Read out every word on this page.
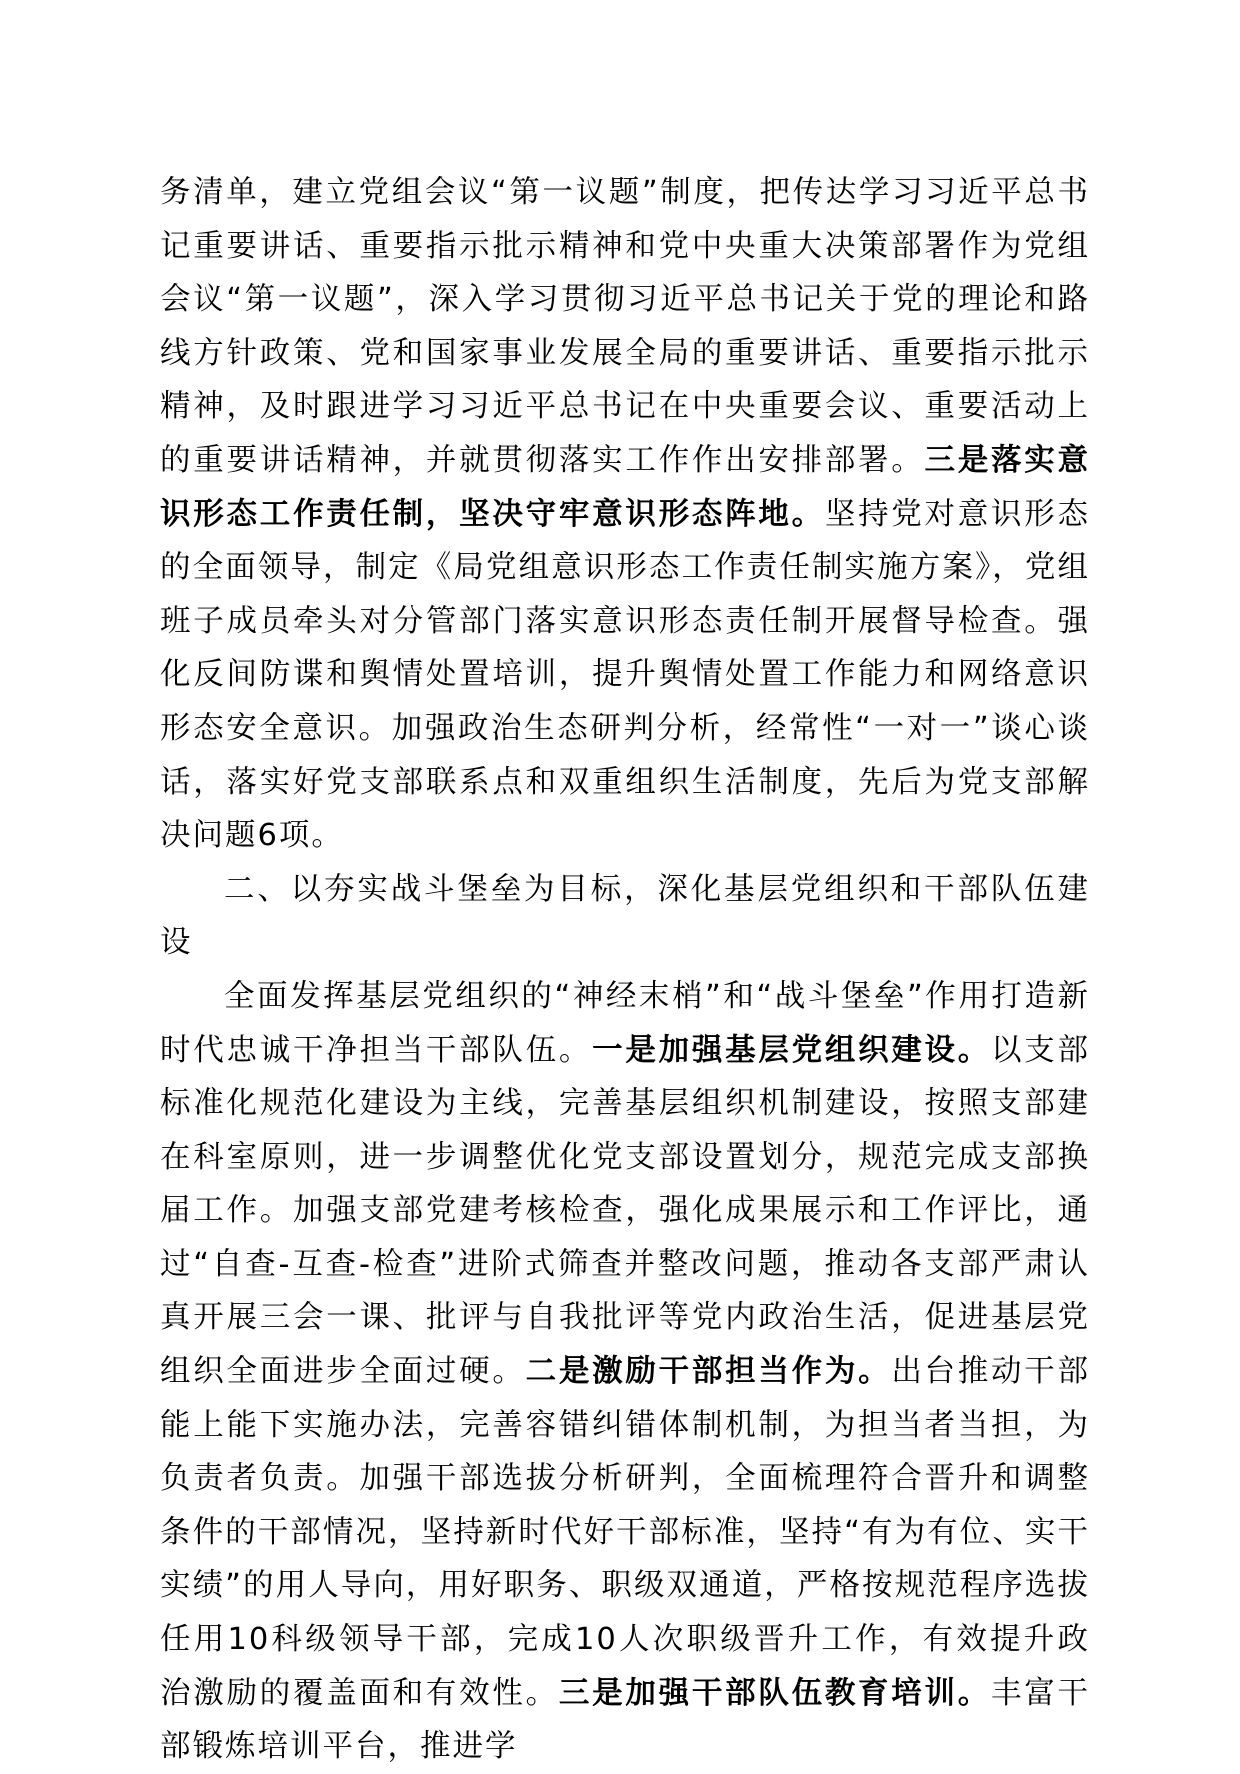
务清单，建立党组会议“第一议题”制度，把传达学习习近平总书记重要讲话、重要指示批示精神和党中央重大决策部署作为党组会议“第一议题”，深入学习贯彻习近平总书记关于党的理论和路线方针政策、党和国家事业发展全局的重要讲话、重要指示批示精神，及时跟进学习习近平总书记在中央重要会议、重要活动上的重要讲话精神，并就贯彻落实工作作出安排部署。三是落实意识形态工作责任制，坚决守牢意识形态阵地。坚持党对意识形态的全面领导，制定《局党组意识形态工作责任制实施方案》，党组班子成员牵头对分管部门落实意识形态责任制开展督导检查。强化反间防谍和舆情处置培训，提升舆情处置工作能力和网络意识形态安全意识。加强政治生态研判分析，经常性“一对一”谈心谈话，落实好党支部联系点和双重组织生活制度，先后为党支部解决问题6项。

二、以夯实战斗堡垒为目标，深化基层党组织和干部队伍建设

全面发挥基层党组织的“神经末梢”和“战斗堡垒”作用打造新时代忠诚干净担当干部队伍。一是加强基层党组织建设。以支部标准化规范化建设为主线，完善基层组织机制建设，按照支部建在科室原则，进一步调整优化党支部设置划分，规范完成支部换届工作。加强支部党建考核检查，强化成果展示和工作评比，通过“自查-互查-检查”进阶式筛查并整改问题，推动各支部严肃认真开展三会一课、批评与自我批评等党内政治生活，促进基层党组织全面进步全面过硬。二是激励干部担当作为。出台推动干部能上能下实施办法，完善容错纠错体制机制，为担当者当担，为负责者负责。加强干部选拔分析研判，全面梳理符合晋升和调整条件的干部情况，坚持新时代好干部标准，坚持“有为有位、实干实绩”的用人导向，用好职务、职级双通道，严格按规范程序选拔任用10科级领导干部，完成10人次职级晋升工作，有效提升政治激励的覆盖面和有效性。三是加强干部队伍教育培训。丰富干部锻炼培训平台，推进学
